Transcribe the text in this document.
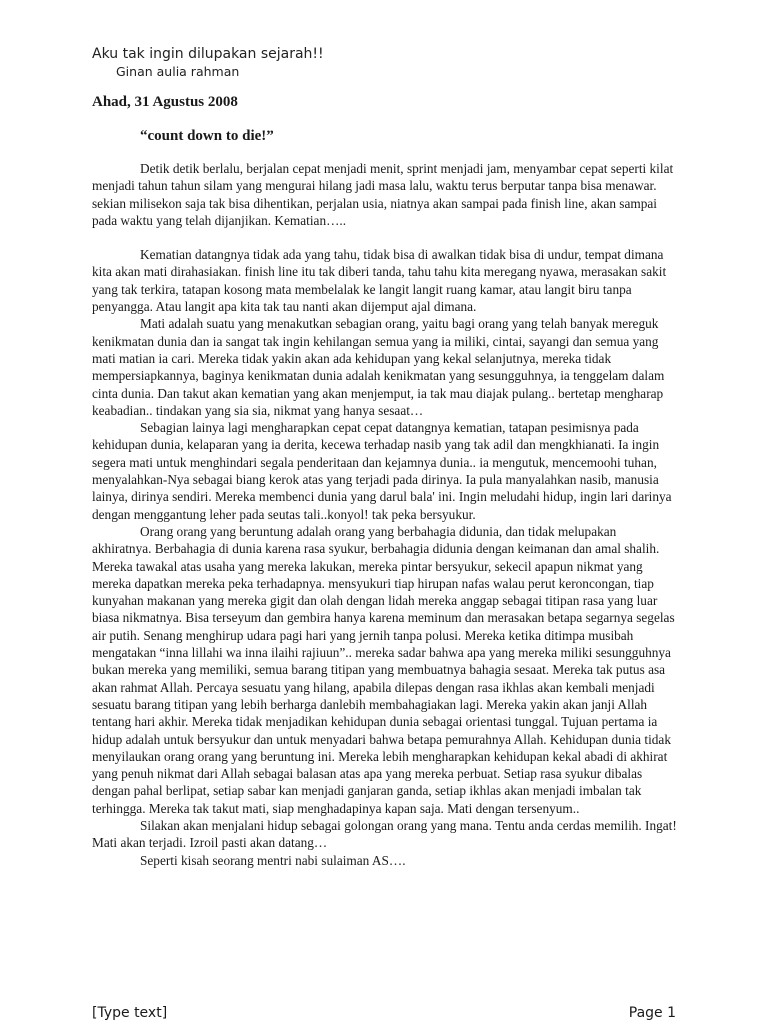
Aku tak ingin dilupakan sejarah!!
Ginan aulia rahman
Ahad, 31 Agustus 2008
“count down to die!”

Detik detik berlalu, berjalan cepat menjadi menit, sprint menjadi jam, menyambar cepat seperti kilat menjadi tahun tahun silam yang mengurai hilang jadi masa lalu, waktu terus berputar tanpa bisa menawar. sekian milisekon saja tak bisa dihentikan, perjalan usia, niatnya akan sampai pada finish line, akan sampai pada waktu yang telah dijanjikan. Kematian…..

Kematian datangnya tidak ada yang tahu, tidak bisa di awalkan tidak bisa di undur, tempat dimana kita akan mati dirahasiakan. finish line itu tak diberi tanda, tahu tahu kita meregang nyawa, merasakan sakit yang tak terkira, tatapan kosong mata membelalak ke langit langit ruang kamar, atau langit biru tanpa penyangga. Atau langit apa kita tak tau nanti akan dijemput ajal dimana.

Mati adalah suatu yang menakutkan sebagian orang, yaitu bagi orang yang telah banyak mereguk kenikmatan dunia dan ia sangat tak ingin kehilangan semua yang ia miliki, cintai, sayangi dan semua yang mati matian ia cari. Mereka tidak yakin akan ada kehidupan yang kekal selanjutnya, mereka tidak mempersiapkannya, baginya kenikmatan dunia adalah kenikmatan yang sesungguhnya, ia tenggelam dalam cinta dunia. Dan takut akan kematian yang akan menjemput, ia tak mau diajak pulang.. bertetap mengharap keabadian.. tindakan yang sia sia, nikmat yang hanya sesaat…

Sebagian lainya lagi mengharapkan cepat cepat datangnya kematian, tatapan pesimisnya pada kehidupan dunia, kelaparan yang ia derita, kecewa terhadap nasib yang tak adil dan mengkhianati. Ia ingin segera mati untuk menghindari segala penderitaan dan kejamnya dunia.. ia mengutuk, mencemoohi tuhan, menyalahkan-Nya sebagai biang kerok atas yang terjadi pada dirinya. Ia pula manyalahkan nasib, manusia lainya, dirinya sendiri. Mereka membenci dunia yang darul bala' ini. Ingin meludahi hidup, ingin lari darinya dengan menggantung leher pada seutas tali..konyol! tak peka bersyukur.

Orang orang yang beruntung adalah orang yang berbahagia didunia, dan tidak melupakan akhiratnya. Berbahagia di dunia karena rasa syukur, berbahagia didunia dengan keimanan dan amal shalih. Mereka tawakal atas usaha yang mereka lakukan, mereka pintar bersyukur, sekecil apapun nikmat yang mereka dapatkan mereka peka terhadapnya. mensyukuri tiap hirupan nafas walau perut keroncongan, tiap kunyahan makanan yang mereka gigit dan olah dengan lidah mereka anggap sebagai titipan rasa yang luar biasa nikmatnya. Bisa terseyum dan gembira hanya karena meminum dan merasakan betapa segarnya segelas air putih. Senang menghirup udara pagi hari yang jernih tanpa polusi. Mereka ketika ditimpa musibah mengatakan “inna lillahi wa inna ilaihi rajiuun”.. mereka sadar bahwa apa yang mereka miliki sesungguhnya bukan mereka yang memiliki, semua barang titipan yang membuatnya bahagia sesaat. Mereka tak putus asa akan rahmat Allah. Percaya sesuatu yang hilang, apabila dilepas dengan rasa ikhlas akan kembali menjadi sesuatu barang titipan yang lebih berharga danlebih membahagiakan lagi. Mereka yakin akan janji Allah tentang hari akhir. Mereka tidak menjadikan kehidupan dunia sebagai orientasi tunggal. Tujuan pertama ia hidup adalah untuk bersyukur dan untuk menyadari bahwa betapa pemurahnya Allah. Kehidupan dunia tidak menyilaukan orang orang yang beruntung ini. Mereka lebih mengharapkan kehidupan kekal abadi di akhirat yang penuh nikmat dari Allah sebagai balasan atas apa yang mereka perbuat. Setiap rasa syukur dibalas dengan pahal berlipat, setiap sabar kan menjadi ganjaran ganda, setiap ikhlas akan menjadi imbalan tak terhingga. Mereka tak takut mati, siap menghadapinya kapan saja. Mati dengan tersenyum..

Silakan akan menjalani hidup sebagai golongan orang yang mana. Tentu anda cerdas memilih. Ingat! Mati akan terjadi. Izroil pasti akan datang…

Seperti kisah seorang mentri nabi sulaiman AS….

[Type text]	Page 1
